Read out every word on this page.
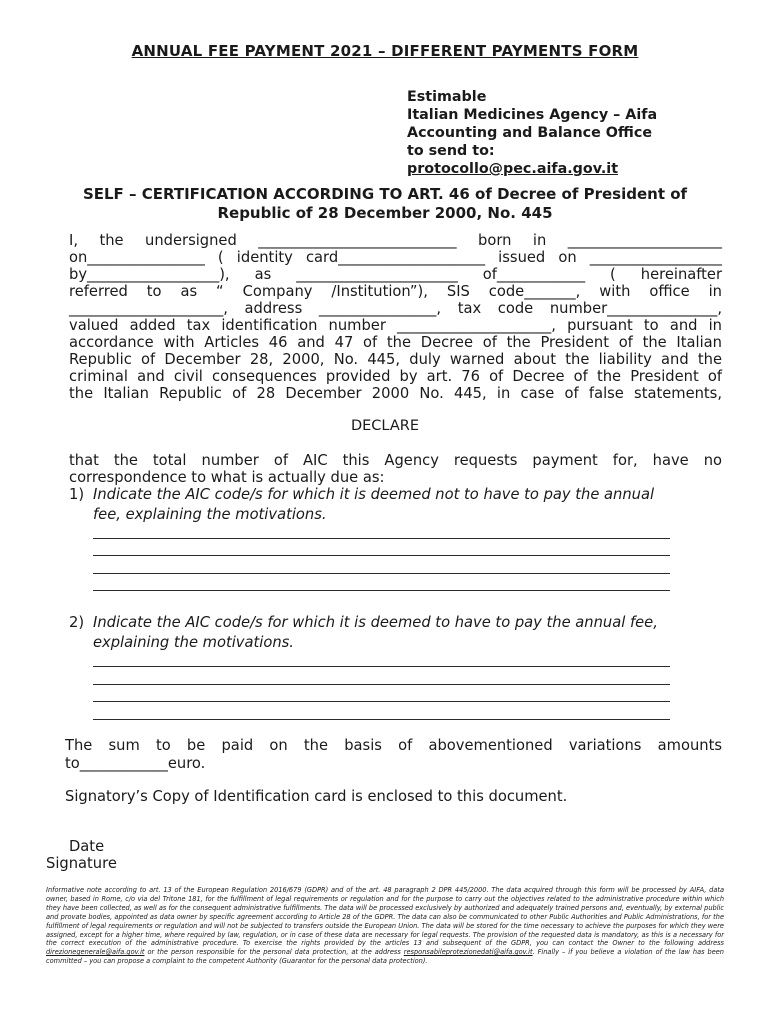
ANNUAL FEE PAYMENT 2021 – DIFFERENT PAYMENTS FORM
Estimable
Italian Medicines Agency – Aifa
Accounting and Balance Office
to send to:
protocollo@pec.aifa.gov.it
SELF – CERTIFICATION ACCORDING TO ART. 46 of Decree of President of
Republic of 28 December 2000, No. 445
I, the undersigned ___________________________ born in _____________________
on________________ ( identity card____________________ issued on __________________
by__________________), as ______________________ of____________ ( hereinafter
referred to as “ Company /Institution”), SIS code_______, with office in
_____________________, address ________________, tax code number_______________,
valued added tax identification number _____________________, pursuant to and in
accordance with Articles 46 and 47 of the Decree of the President of the Italian
Republic of December 28, 2000, No. 445, duly warned about the liability and the
criminal and civil consequences provided by art. 76 of Decree of the President of
the Italian Republic of 28 December 2000 No. 445, in case of false statements,
DECLARE
that the total number of AIC this Agency requests payment for, have no
correspondence to what is actually due as:
1) Indicate the AIC code/s for which it is deemed not to have to pay the annual
fee, explaining the motivations.
2) Indicate the AIC code/s for which it is deemed to have to pay the annual fee,
explaining the motivations.
The sum to be paid on the basis of abovementioned variations amounts
to____________euro.
Signatory’s Copy of Identification card is enclosed to this document.
Date
Signature
Informative note according to art. 13 of the European Regulation 2016/679 (GDPR) and of the art. 48 paragraph 2 DPR 445/2000. The data acquired through this form will be processed by AIFA, data owner, based in Rome, c/o via del Tritone 181, for the fulfillment of legal requirements or regulation and for the purpose to carry out the objectives related to the administrative procedure within which they have been collected, as well as for the consequent administrative fulfillments. The data will be processed exclusively by authorized and adequately trained persons and, eventually, by external public and provate bodies, appointed as data owner by specific agreement according to Article 28 of the GDPR. The data can also be communicated to other Public Authorities and Public Administrations, for the fulfillment of legal requirements or regulation and will not be subjected to transfers outside the European Union. The data will be stored for the time necessary to achieve the purposes for which they were assigned, except for a higher time, where required by law, regulation, or in case of these data are necessary for legal requests. The provision of the requested data is mandatory, as this is a necessary for the correct execution of the administrative procedure. To exercise the rights provided by the articles 13 and subsequent of the GDPR, you can contact the Owner to the following address direzionegenerale@aifa.gov.it or the person responsible for the personal data protection, at the address responsabileprotezionedati@aifa.gov.it. Finally – if you believe a violation of the law has been committed – you can propose a complaint to the competent Authority (Guarantor for the personal data protection).
